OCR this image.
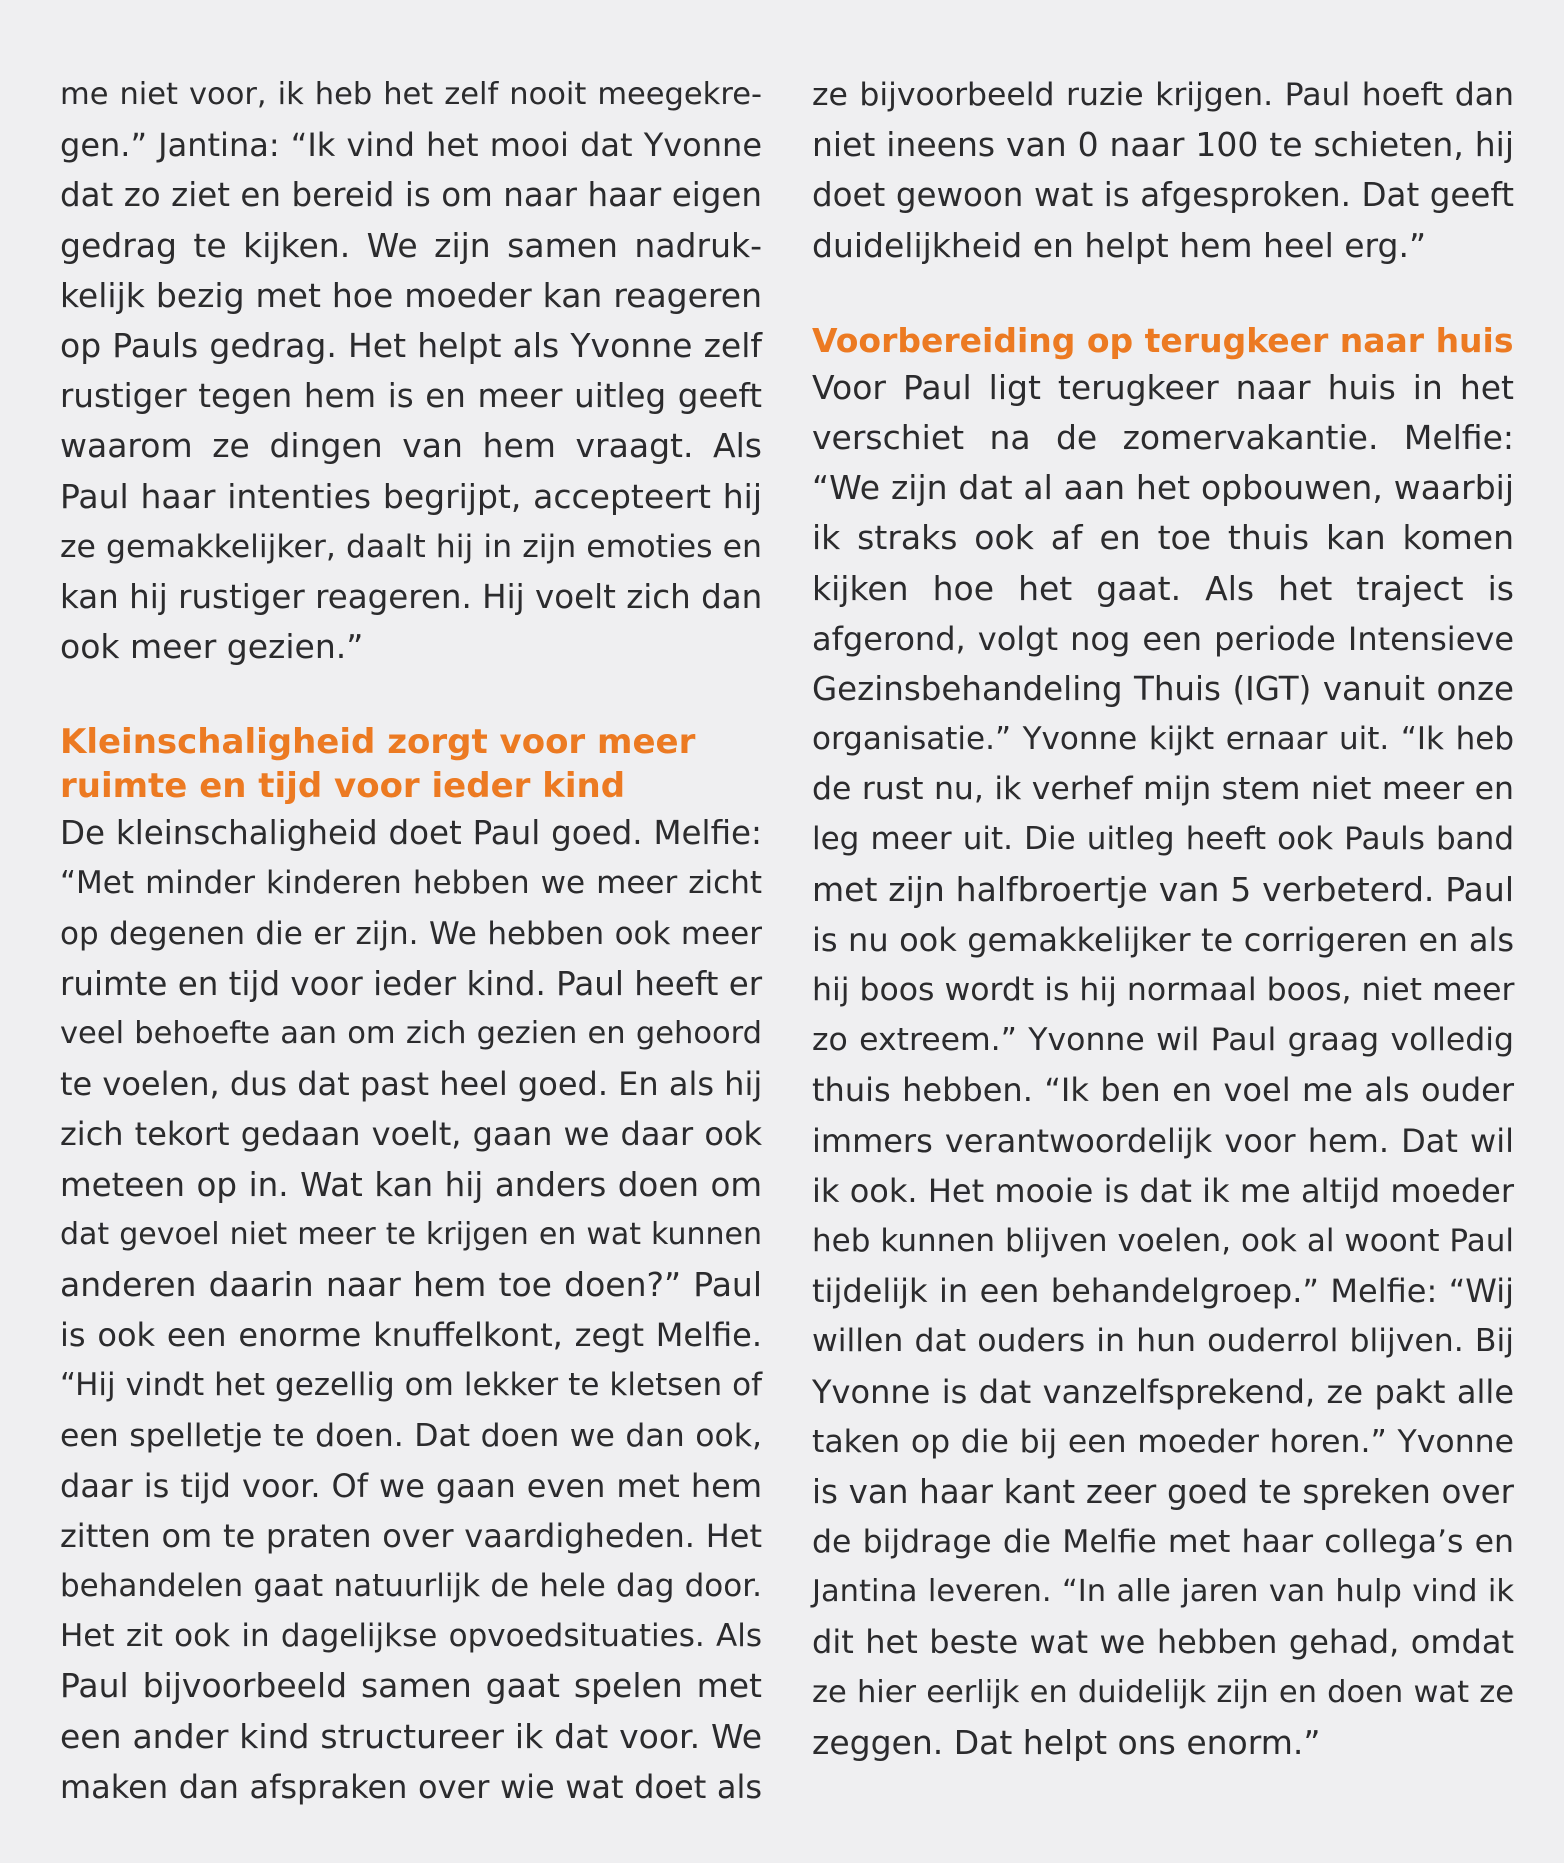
me niet voor, ik heb het zelf nooit meegekre-
gen.” Jantina: “Ik vind het mooi dat Yvonne
dat zo ziet en bereid is om naar haar eigen
gedrag te kijken. We zijn samen nadruk-
kelijk bezig met hoe moeder kan reageren
op Pauls gedrag. Het helpt als Yvonne zelf
rustiger tegen hem is en meer uitleg geeft
waarom ze dingen van hem vraagt. Als
Paul haar intenties begrijpt, accepteert hij
ze gemakkelijker, daalt hij in zijn emoties en
kan hij rustiger reageren. Hij voelt zich dan
ook meer gezien.”
Kleinschaligheid zorgt voor meer
ruimte en tijd voor ieder kind
De kleinschaligheid doet Paul goed. Melfie:
“Met minder kinderen hebben we meer zicht
op degenen die er zijn. We hebben ook meer
ruimte en tijd voor ieder kind. Paul heeft er
veel behoefte aan om zich gezien en gehoord
te voelen, dus dat past heel goed. En als hij
zich tekort gedaan voelt, gaan we daar ook
meteen op in. Wat kan hij anders doen om
dat gevoel niet meer te krijgen en wat kunnen
anderen daarin naar hem toe doen?” Paul
is ook een enorme knuffelkont, zegt Melfie.
“Hij vindt het gezellig om lekker te kletsen of
een spelletje te doen. Dat doen we dan ook,
daar is tijd voor. Of we gaan even met hem
zitten om te praten over vaardigheden. Het
behandelen gaat natuurlijk de hele dag door.
Het zit ook in dagelijkse opvoedsituaties. Als
Paul bijvoorbeeld samen gaat spelen met
een ander kind structureer ik dat voor. We
maken dan afspraken over wie wat doet als
ze bijvoorbeeld ruzie krijgen. Paul hoeft dan
niet ineens van 0 naar 100 te schieten, hij
doet gewoon wat is afgesproken. Dat geeft
duidelijkheid en helpt hem heel erg.”
Voorbereiding op terugkeer naar huis
Voor Paul ligt terugkeer naar huis in het
verschiet na de zomervakantie. Melfie:
“We zijn dat al aan het opbouwen, waarbij
ik straks ook af en toe thuis kan komen
kijken hoe het gaat. Als het traject is
afgerond, volgt nog een periode Intensieve
Gezinsbehandeling Thuis (IGT) vanuit onze
organisatie.” Yvonne kijkt ernaar uit. “Ik heb
de rust nu, ik verhef mijn stem niet meer en
leg meer uit. Die uitleg heeft ook Pauls band
met zijn halfbroertje van 5 verbeterd. Paul
is nu ook gemakkelijker te corrigeren en als
hij boos wordt is hij normaal boos, niet meer
zo extreem.” Yvonne wil Paul graag volledig
thuis hebben. “Ik ben en voel me als ouder
immers verantwoordelijk voor hem. Dat wil
ik ook. Het mooie is dat ik me altijd moeder
heb kunnen blijven voelen, ook al woont Paul
tijdelijk in een behandelgroep.” Melfie: “Wij
willen dat ouders in hun ouderrol blijven. Bij
Yvonne is dat vanzelfsprekend, ze pakt alle
taken op die bij een moeder horen.” Yvonne
is van haar kant zeer goed te spreken over
de bijdrage die Melfie met haar collega’s en
Jantina leveren. “In alle jaren van hulp vind ik
dit het beste wat we hebben gehad, omdat
ze hier eerlijk en duidelijk zijn en doen wat ze
zeggen. Dat helpt ons enorm.”
